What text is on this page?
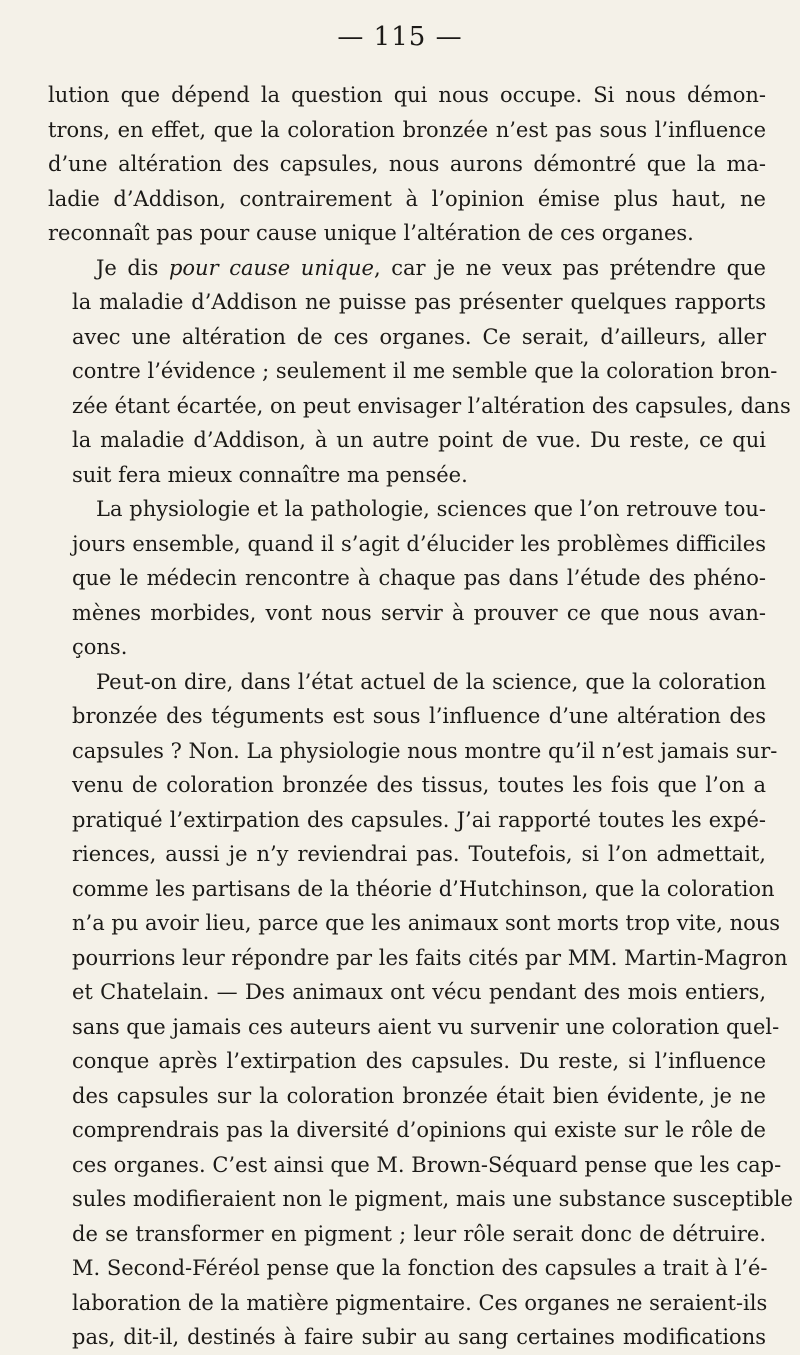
— 115 —

lution que dépend la question qui nous occupe. Si nous démon-
trons, en effet, que la coloration bronzée n’est pas sous l’influence
d’une altération des capsules, nous aurons démontré que la ma-
ladie d’Addison, contrairement à l’opinion émise plus haut, ne
reconnaît pas pour cause unique l’altération de ces organes.

Je dis pour cause unique, car je ne veux pas prétendre que
la maladie d’Addison ne puisse pas présenter quelques rapports
avec une altération de ces organes. Ce serait, d’ailleurs, aller
contre l’évidence ; seulement il me semble que la coloration bron-
zée étant écartée, on peut envisager l’altération des capsules, dans
la maladie d’Addison, à un autre point de vue. Du reste, ce qui
suit fera mieux connaître ma pensée.

La physiologie et la pathologie, sciences que l’on retrouve tou-
jours ensemble, quand il s’agit d’élucider les problèmes difficiles
que le médecin rencontre à chaque pas dans l’étude des phéno-
mènes morbides, vont nous servir à prouver ce que nous avan-
çons.

Peut-on dire, dans l’état actuel de la science, que la coloration
bronzée des téguments est sous l’influence d’une altération des
capsules ? Non. La physiologie nous montre qu’il n’est jamais sur-
venu de coloration bronzée des tissus, toutes les fois que l’on a
pratiqué l’extirpation des capsules. J’ai rapporté toutes les expé-
riences, aussi je n’y reviendrai pas. Toutefois, si l’on admettait,
comme les partisans de la théorie d’Hutchinson, que la coloration
n’a pu avoir lieu, parce que les animaux sont morts trop vite, nous
pourrions leur répondre par les faits cités par MM. Martin-Magron
et Chatelain. — Des animaux ont vécu pendant des mois entiers,
sans que jamais ces auteurs aient vu survenir une coloration quel-
conque après l’extirpation des capsules. Du reste, si l’influence
des capsules sur la coloration bronzée était bien évidente, je ne
comprendrais pas la diversité d’opinions qui existe sur le rôle de
ces organes. C’est ainsi que M. Brown-Séquard pense que les cap-
sules modifieraient non le pigment, mais une substance susceptible
de se transformer en pigment ; leur rôle serait donc de détruire.
M. Second-Féréol pense que la fonction des capsules a trait à l’é-
laboration de la matière pigmentaire. Ces organes ne seraient-ils
pas, dit-il, destinés à faire subir au sang certaines modifications
